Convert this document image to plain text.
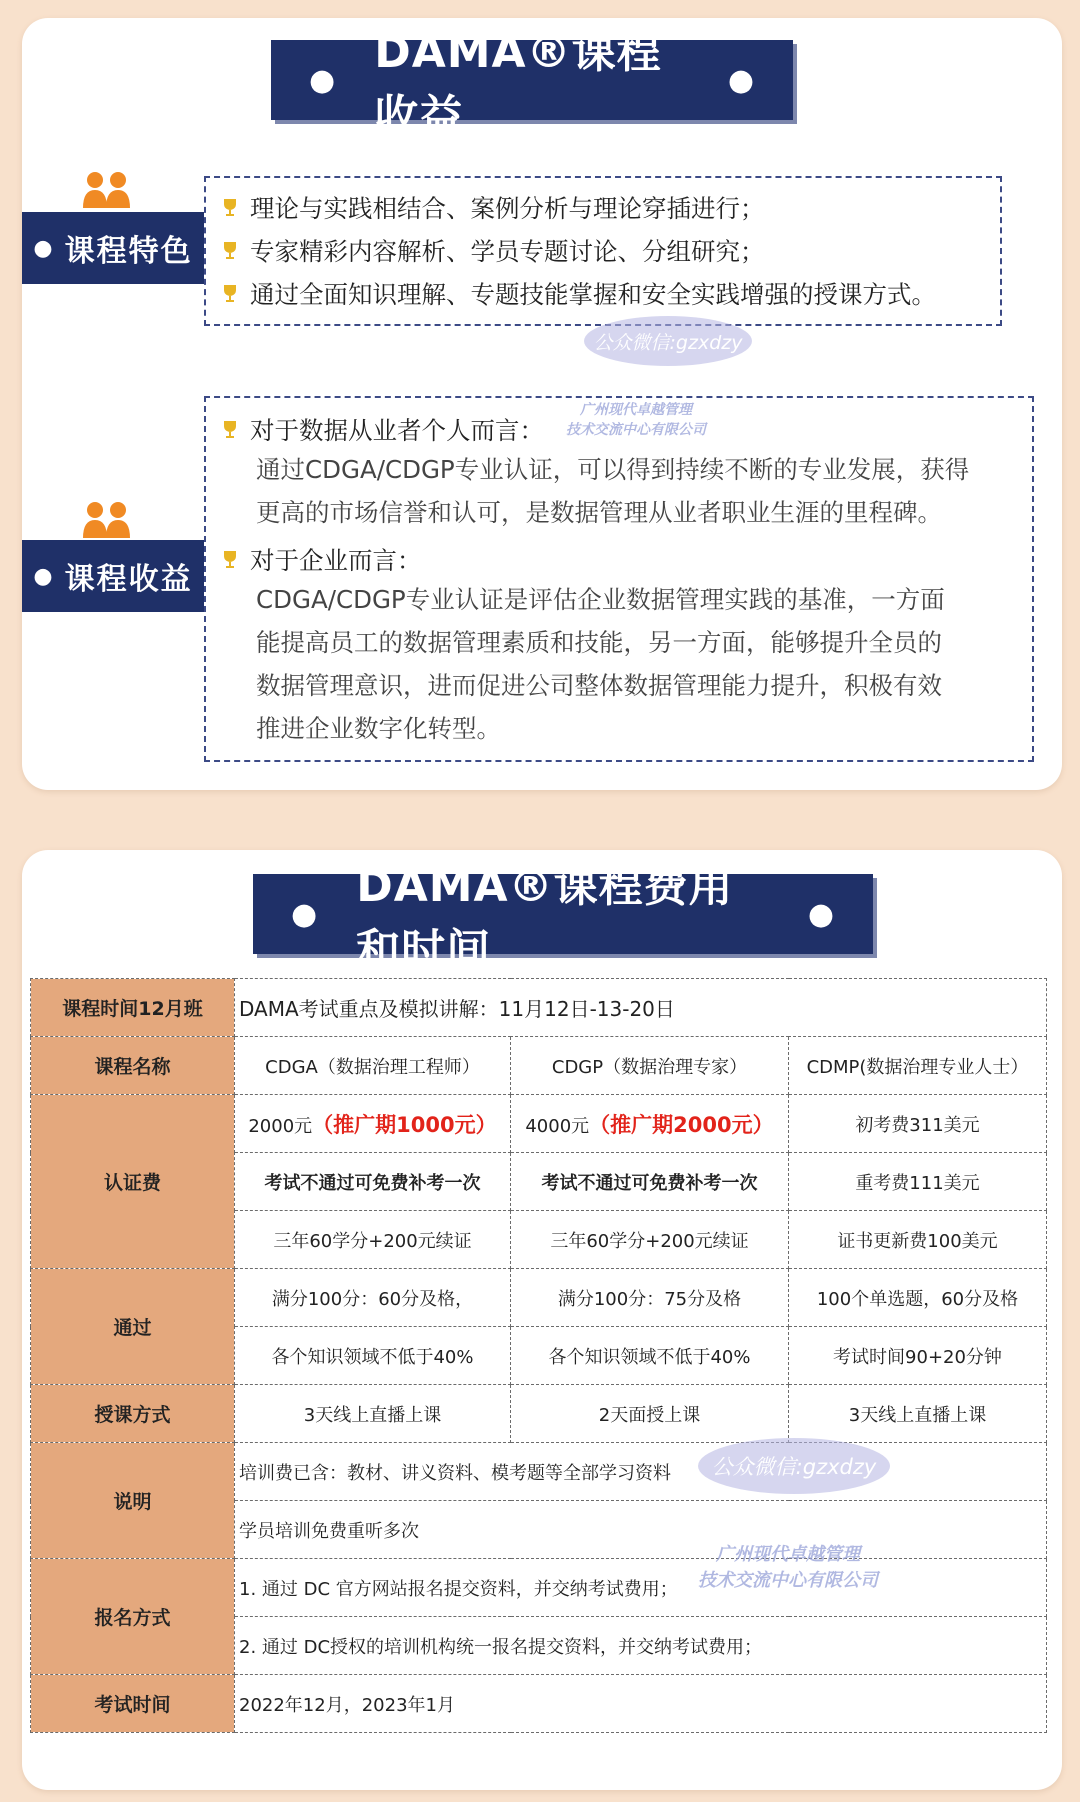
●
DAMA®课程收益
●
● 课程特色
理论与实践相结合、案例分析与理论穿插进行；
专家精彩内容解析、学员专题讨论、分组研究；
通过全面知识理解、专题技能掌握和安全实践增强的授课方式。
公众微信:gzxdzy
● 课程收益
对于数据从业者个人而言：
通过CDGA/CDGP专业认证，可以得到持续不断的专业发展，获得
更高的市场信誉和认可，是数据管理从业者职业生涯的里程碑。
对于企业而言：
CDGA/CDGP专业认证是评估企业数据管理实践的基准，一方面
能提高员工的数据管理素质和技能，另一方面，能够提升全员的
数据管理意识，进而促进公司整体数据管理能力提升，积极有效
推进企业数字化转型。
广州现代卓越管理
技术交流中心有限公司
●
DAMA®课程费用和时间
●
课程时间12月班	DAMA考试重点及模拟讲解：11月12日-13-20日		
课程名称	CDGA（数据治理工程师）	CDGP（数据治理专家）	CDMP(数据治理专业人士）
认证费	2000元（推广期1000元）	4000元（推广期2000元）	初考费311美元
	考试不通过可免费补考一次	考试不通过可免费补考一次	重考费111美元
	三年60学分+200元续证	三年60学分+200元续证	证书更新费100美元
通过	满分100分：60分及格，	满分100分：75分及格	100个单选题，60分及格
	各个知识领域不低于40%	各个知识领域不低于40%	考试时间90+20分钟
授课方式	3天线上直播上课	2天面授上课	3天线上直播上课
说明	培训费已含：教材、讲义资料、模考题等全部学习资料		
	学员培训免费重听多次		
报名方式	1. 通过 DC 官方网站报名提交资料，并交纳考试费用；		
	2. 通过 DC授权的培训机构统一报名提交资料，并交纳考试费用；		
考试时间	2022年12月，2023年1月		
公众微信:gzxdzy
广州现代卓越管理
技术交流中心有限公司
